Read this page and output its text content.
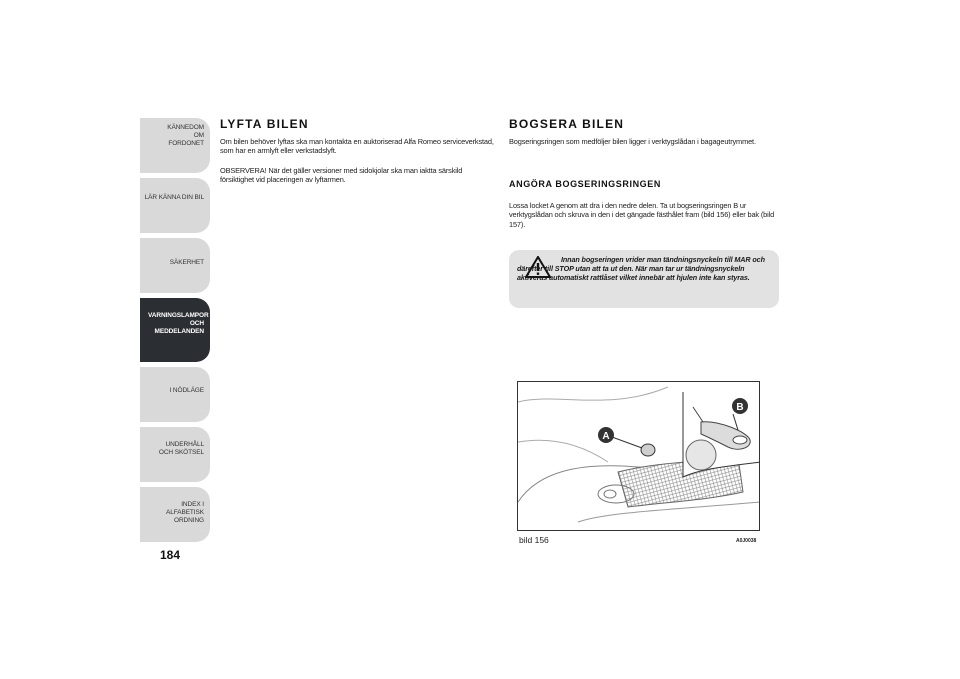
KÄNNEDOM OM FORDONET
LÄR KÄNNA DIN BIL
SÄKERHET
VARNINGSLAMPOR OCH MEDDELANDEN
I NÖDLÄGE
UNDERHÅLL OCH SKÖTSEL
INDEX I ALFABETISK ORDNING
184
LYFTA BILEN
Om bilen behöver lyftas ska man kontakta en auktoriserad Alfa Romeo serviceverkstad, som har en armlyft eller verkstadslyft.
OBSERVERA! När det gäller versioner med sidokjolar ska man iaktta särskild försiktighet vid placeringen av lyftarmen.
BOGSERA BILEN
Bogseringsringen som medföljer bilen ligger i verktygslådan i bagageutrymmet.
ANGÖRA BOGSERINGSRINGEN
Lossa locket A genom att dra i den nedre delen. Ta ut bogseringsringen B ur verktygslådan och skruva in den i det gängade fästhålet fram (bild 156) eller bak (bild 157).
Innan bogseringen vrider man tändningsnyckeln till MAR och därefter till STOP utan att ta ut den. När man tar ur tändningsnyckeln aktiveras automatiskt rattlåset vilket innebär att hjulen inte kan styras.
A
B
bild 156	A0J0038
